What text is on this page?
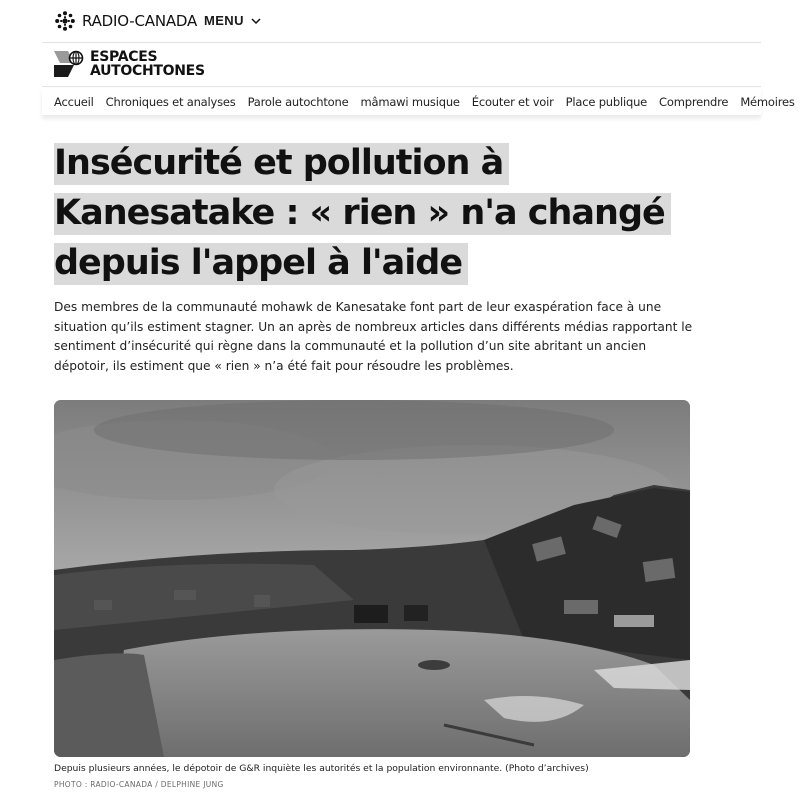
RADIO-CANADA MENU
ESPACES
AUTOCHTONES
Accueil Chroniques et analyses Parole autochtone mâmawi musique Écouter et voir Place publique Comprendre Mémoires
Insécurité et pollution à Kanesatake : « rien » n'a changé depuis l'appel à l'aide

Des membres de la communauté mohawk de Kanesatake font part de leur exaspération face à une situation qu’ils estiment stagner. Un an après de nombreux articles dans différents médias rapportant le sentiment d’insécurité qui règne dans la communauté et la pollution d’un site abritant un ancien dépotoir, ils estiment que « rien » n’a été fait pour résoudre les problèmes.

Depuis plusieurs années, le dépotoir de G&R inquiète les autorités et la population environnante. (Photo d’archives)

PHOTO : RADIO-CANADA / DELPHINE JUNG
